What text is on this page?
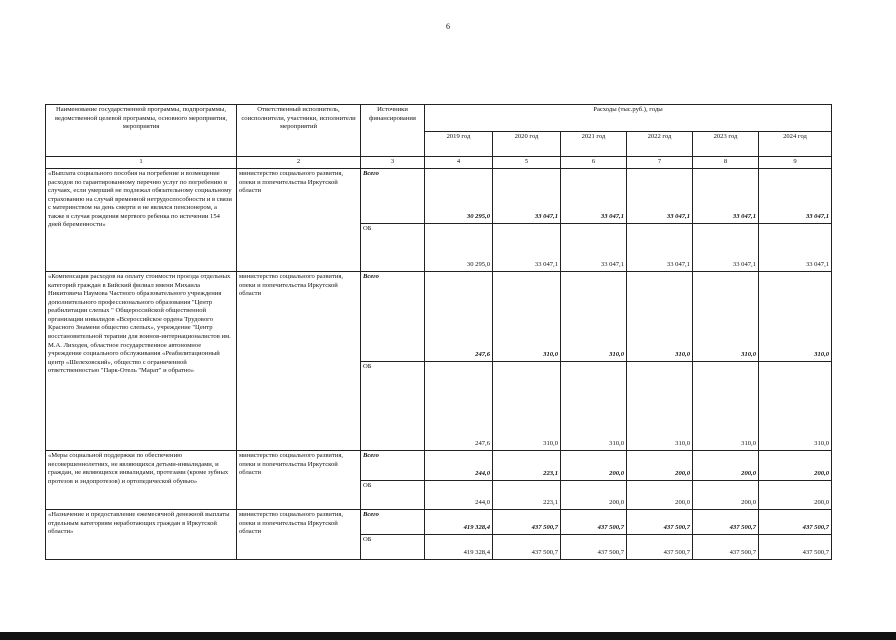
6
Наименование государственной программы, подпрограммы, ведомственной целевой программы, основного мероприятия, мероприятия	Ответственный исполнитель, соисполнители, участники, исполнители мероприятий	Источники финансирования	Расходы (тыс.руб.), годы					
			2019 год	2020 год	2021 год	2022 год	2023 год	2024 год
1	2	3	4	5	6	7	8	9
«Выплата социального пособия на погребение и возмещение расходов по гарантированному перечню услуг по погребению в случаях, если умерший не подлежал обязательному социальному страхованию на случай временной нетрудоспособности и в связи с материнством на день смерти и не являлся пенсионером, а также в случая рождения мертвого ребенка по истечении 154 дней беременности»	министерство социального развития, опеки и попечительства Иркутской области	Всего	30 295,0	33 047,1	33 047,1	33 047,1	33 047,1	33 047,1
		ОБ	30 295,0	33 047,1	33 047,1	33 047,1	33 047,1	33 047,1
«Компенсация расходов на оплату стоимости проезда отдельных категорий граждан в Бийский филиал имени Михаила Никитовича Наумова Частного образовательного учреждения дополнительного профессионального образования "Центр реабилитации слепых " Общероссийской общественной организации инвалидов «Всероссийское ордена Трудового Красного Знамени общество слепых», учреждение "Центр восстановительной терапии для воинов-интернационалистов им. М.А. Лиходея, областное государственное автономное учреждение социального обслуживания «Реабилитационный центр «Шелеховский», общество с ограниченной ответственностью "Парк-Отель "Марат" и обратно»	министерство социального развития, опеки и попечительства Иркутской области	Всего	247,6	310,0	310,0	310,0	310,0	310,0
		ОБ	247,6	310,0	310,0	310,0	310,0	310,0
«Меры социальной поддержки по обеспечению несовершеннолетних, не являющихся детьми-инвалидами, и граждан, не являющихся инвалидами, протезами (кроме зубных протезов и эндопротезов) и ортопедической обувью»	министерство социального развития, опеки и попечительства Иркутской области	Всего	244,0	223,1	200,0	200,0	200,0	200,0
		ОБ	244,0	223,1	200,0	200,0	200,0	200,0
«Назначение и предоставление ежемесячной денежной выплаты отдельным категориям неработающих граждан в Иркутской области»	министерство социального развития, опеки и попечительства Иркутской области	Всего	419 328,4	437 500,7	437 500,7	437 500,7	437 500,7	437 500,7
		ОБ	419 328,4	437 500,7	437 500,7	437 500,7	437 500,7	437 500,7
